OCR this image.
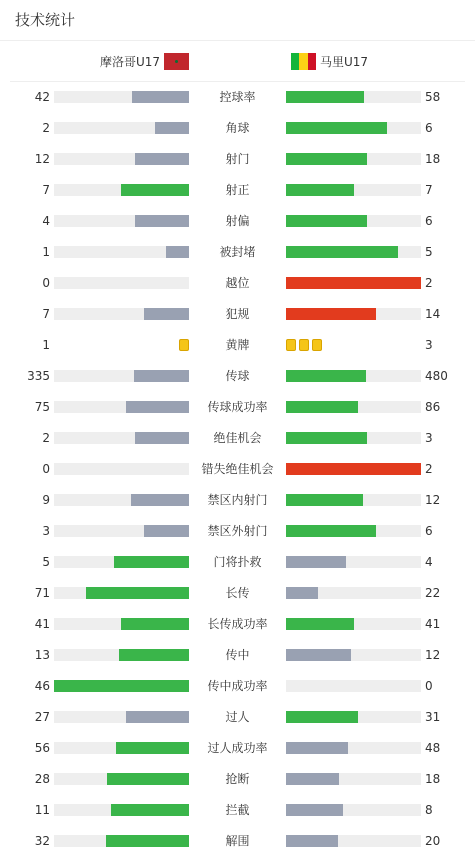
技术统计
摩洛哥U17	马里U17
42	控球率	58
2	角球	6
12	射门	18
7	射正	7
4	射偏	6
1	被封堵	5
0	越位	2
7	犯规	14
1	黄牌	3
335	传球	480
75	传球成功率	86
2	绝佳机会	3
0	错失绝佳机会	2
9	禁区内射门	12
3	禁区外射门	6
5	门将扑救	4
71	长传	22
41	长传成功率	41
13	传中	12
46	传中成功率	0
27	过人	31
56	过人成功率	48
28	抢断	18
11	拦截	8
32	解围	20
